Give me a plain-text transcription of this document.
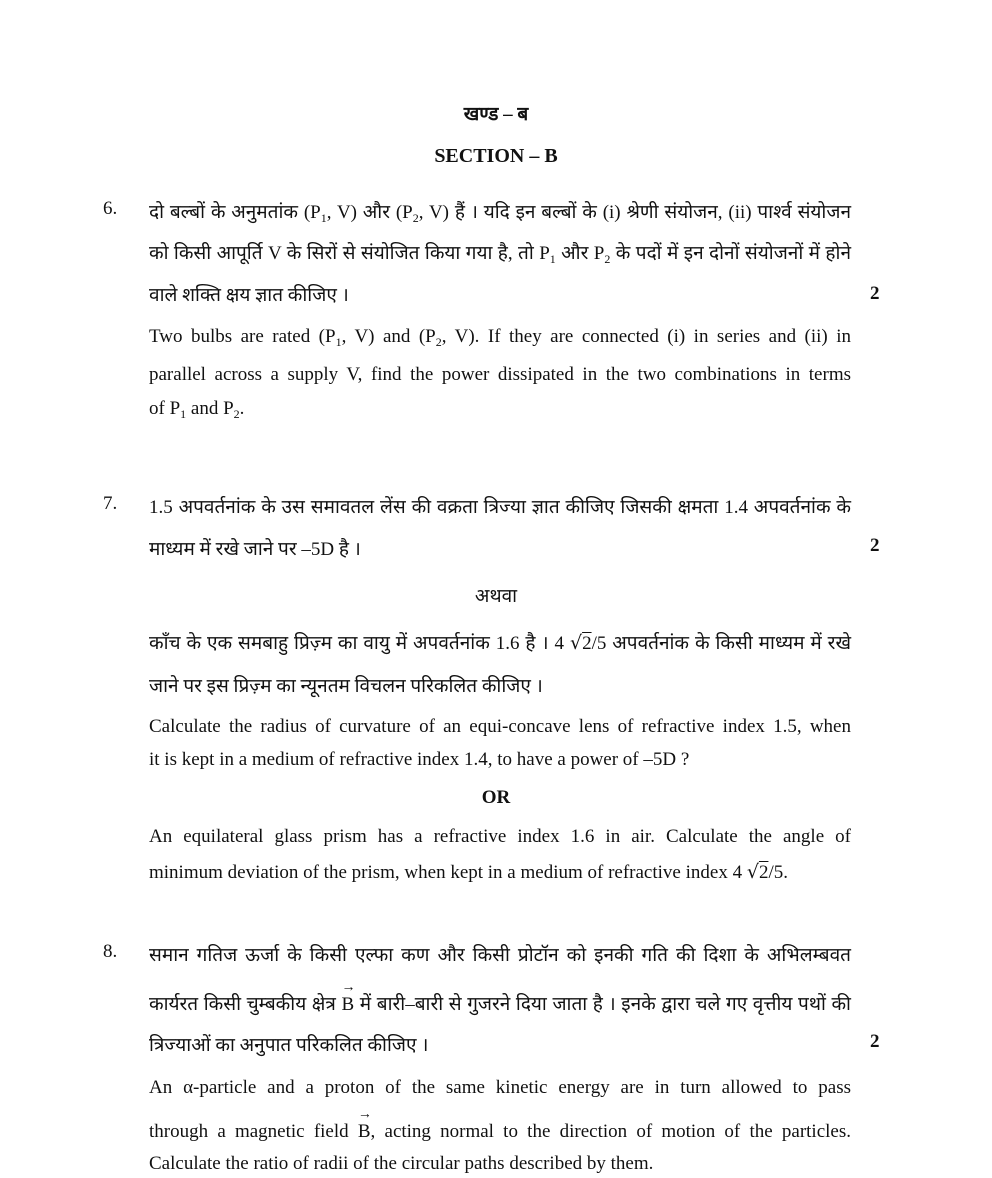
खण्ड – ब
SECTION – B
6. दो बल्बों के अनुमतांक ($P_1$, V) और ($P_2$, V) हैं । यदि इन बल्बों के (i) श्रेणी संयोजन, (ii) पार्श्व संयोजन
को किसी आपूर्ति V के सिरों से संयोजित किया गया है, तो $P_1$ और $P_2$ के पदों में इन दोनों संयोजनों में होने
वाले शक्ति क्षय ज्ञात कीजिए ।	2
Two bulbs are rated ($P_1$, V) and ($P_2$, V). If they are connected (i) in series and (ii) in
parallel across a supply V, find the power dissipated in the two combinations in terms
of $P_1$ and $P_2$.
7. 1.5 अपवर्तनांक के उस समावतल लेंस की वक्रता त्रिज्या ज्ञात कीजिए जिसकी क्षमता 1.4 अपवर्तनांक के
माध्यम में रखे जाने पर –5D है ।	2
अथवा
काँच के एक समबाहु प्रिज़्म का वायु में अपवर्तनांक 1.6 है । 4 √2/5 अपवर्तनांक के किसी माध्यम में रखे
जाने पर इस प्रिज़्म का न्यूनतम विचलन परिकलित कीजिए ।
Calculate the radius of curvature of an equi-concave lens of refractive index 1.5, when
it is kept in a medium of refractive index 1.4, to have a power of –5D ?
OR
An equilateral glass prism has a refractive index 1.6 in air. Calculate the angle of
minimum deviation of the prism, when kept in a medium of refractive index 4 √2/5.
8. समान गतिज ऊर्जा के किसी एल्फा कण और किसी प्रोटॉन को इनकी गति की दिशा के अभिलम्बवत
कार्यरत किसी चुम्बकीय क्षेत्र → B में बारी–बारी से गुजरने दिया जाता है । इनके द्वारा चले गए वृत्तीय पथों की
त्रिज्याओं का अनुपात परिकलित कीजिए ।	2
An α-particle and a proton of the same kinetic energy are in turn allowed to pass
through a magnetic field → B, acting normal to the direction of motion of the particles.
Calculate the ratio of radii of the circular paths described by them.
